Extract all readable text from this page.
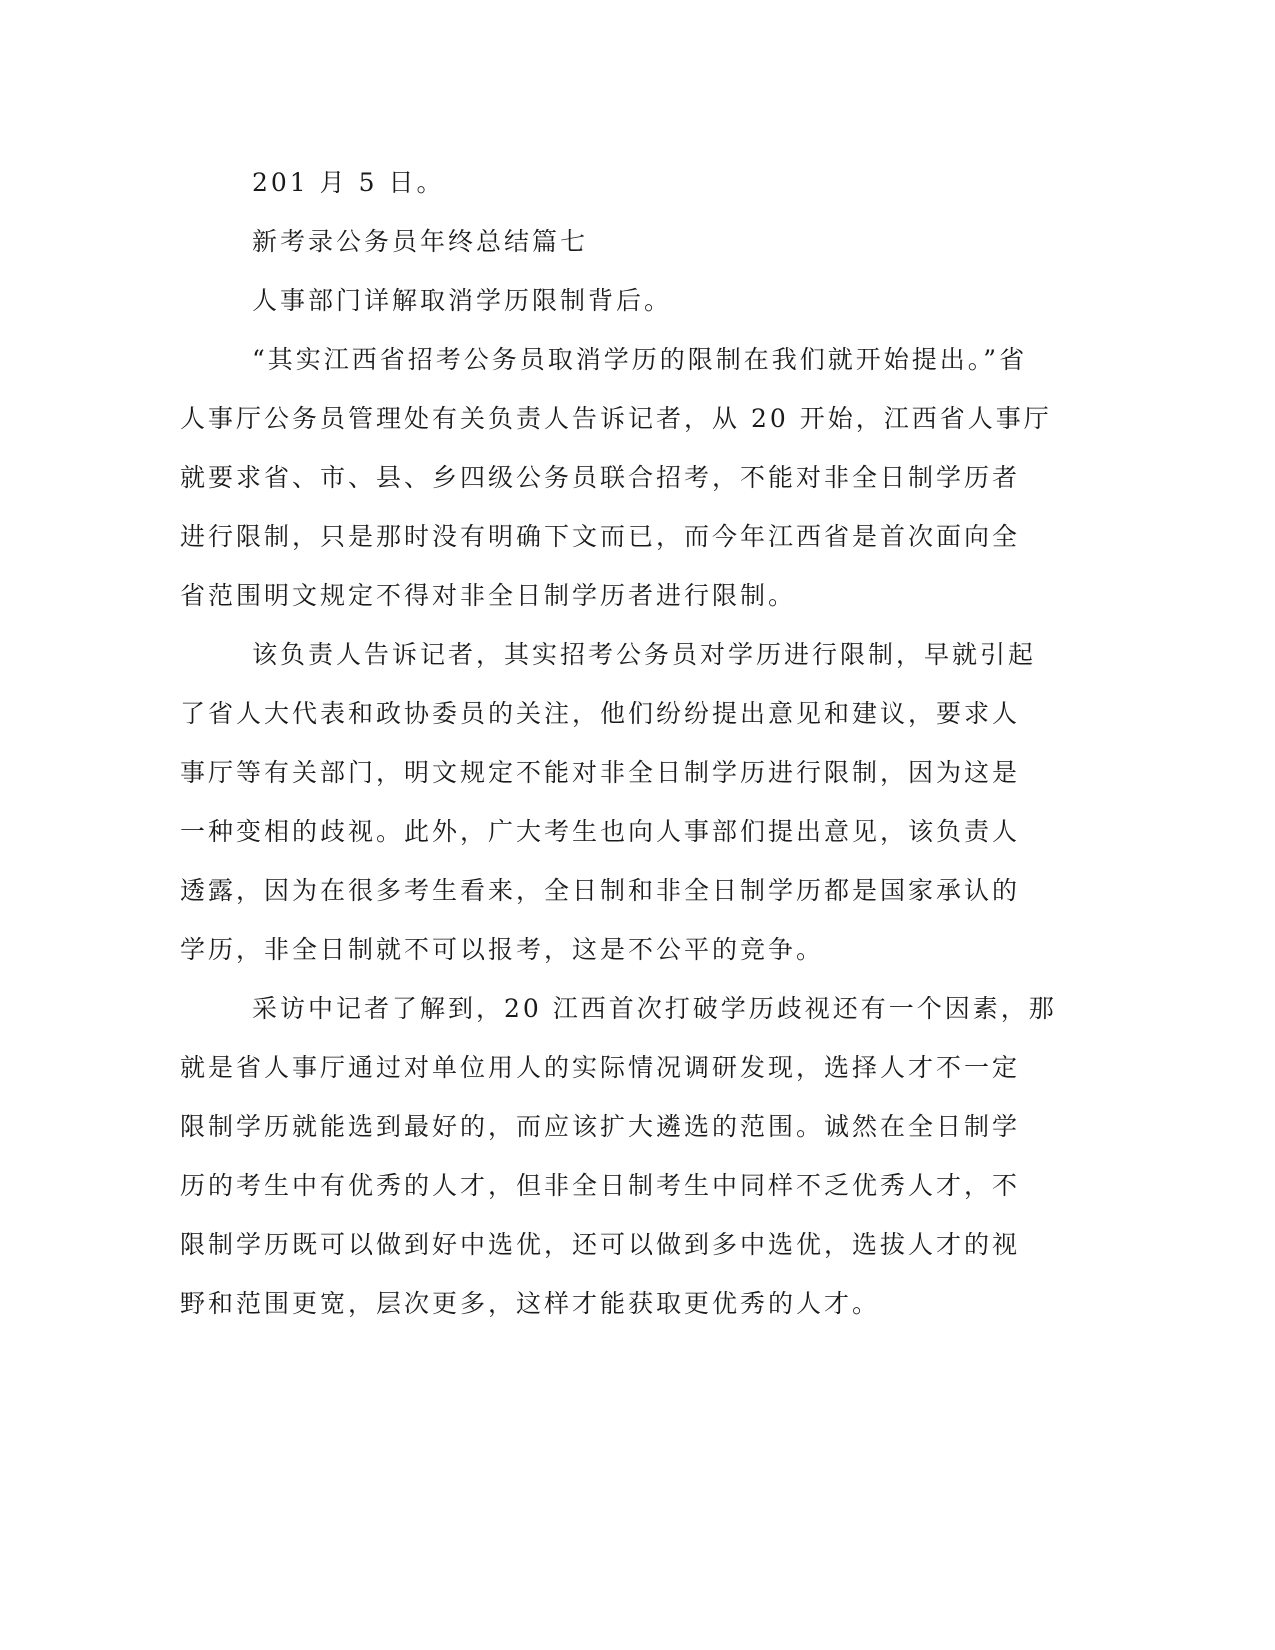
201 月 5 日。
新考录公务员年终总结篇七
人事部门详解取消学历限制背后。
“其实江西省招考公务员取消学历的限制在我们就开始提出。”省
人事厅公务员管理处有关负责人告诉记者，从 20 开始，江西省人事厅
就要求省、市、县、乡四级公务员联合招考，不能对非全日制学历者
进行限制，只是那时没有明确下文而已，而今年江西省是首次面向全
省范围明文规定不得对非全日制学历者进行限制。
该负责人告诉记者，其实招考公务员对学历进行限制，早就引起
了省人大代表和政协委员的关注，他们纷纷提出意见和建议，要求人
事厅等有关部门，明文规定不能对非全日制学历进行限制，因为这是
一种变相的歧视。此外，广大考生也向人事部们提出意见，该负责人
透露，因为在很多考生看来，全日制和非全日制学历都是国家承认的
学历，非全日制就不可以报考，这是不公平的竞争。
采访中记者了解到，20 江西首次打破学历歧视还有一个因素，那
就是省人事厅通过对单位用人的实际情况调研发现，选择人才不一定
限制学历就能选到最好的，而应该扩大遴选的范围。诚然在全日制学
历的考生中有优秀的人才，但非全日制考生中同样不乏优秀人才，不
限制学历既可以做到好中选优，还可以做到多中选优，选拔人才的视
野和范围更宽，层次更多，这样才能获取更优秀的人才。
